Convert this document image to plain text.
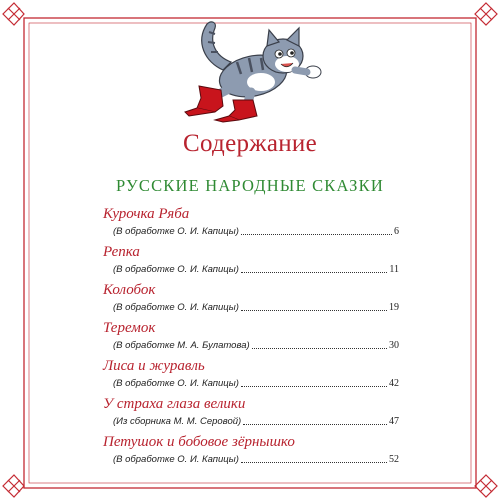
Содержание
РУССКИЕ НАРОДНЫЕ СКАЗКИ
Курочка Ряба
(В обработке О. И. Капицы)	6
Репка
(В обработке О. И. Капицы)	11
Колобок
(В обработке О. И. Капицы)	19
Теремок
(В обработке М. А. Булатова)	30
Лиса и журавль
(В обработке О. И. Капицы)	42
У страха глаза велики
(Из сборника М. М. Серовой)	47
Петушок и бобовое зёрнышко
(В обработке О. И. Капицы)	52
